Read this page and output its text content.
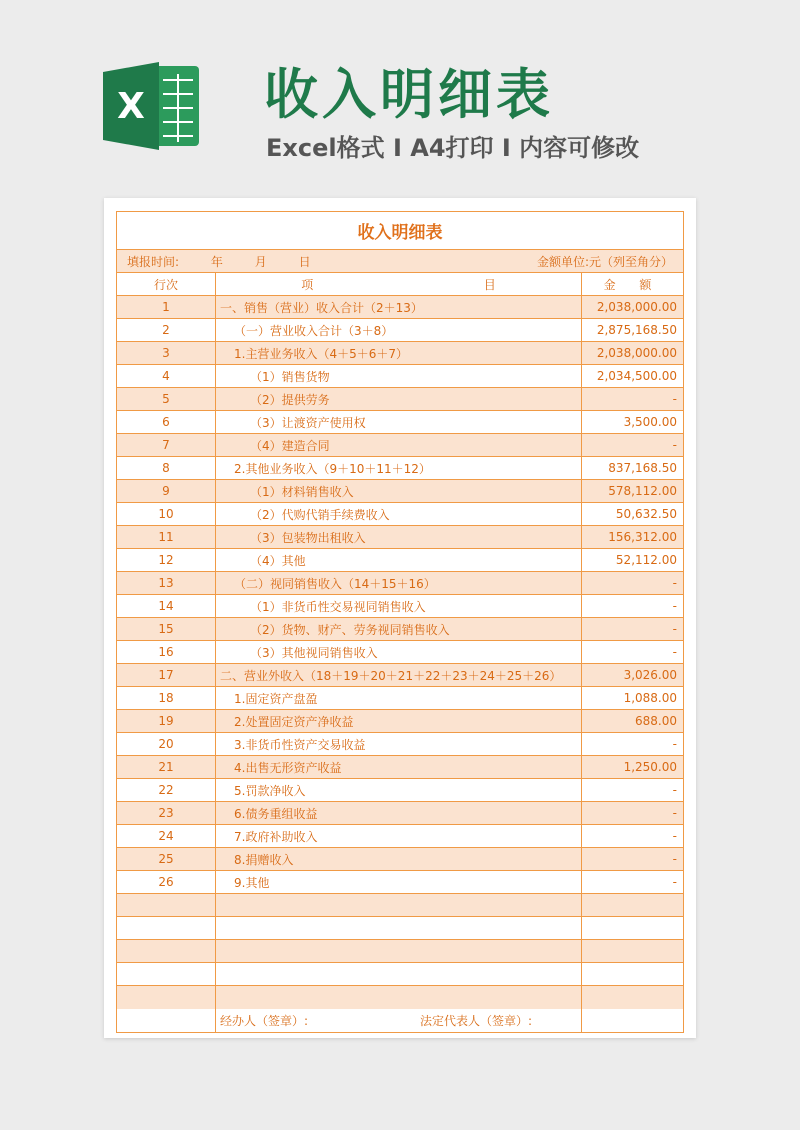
X 收入明细表
Excel格式 Ⅰ A4打印 Ⅰ 内容可修改
收入明细表
填报时间:	年	月	日	金额单位:元（列至角分）
行次	项	目	金 额
1	一、销售（营业）收入合计（2＋13）	2,038,000.00
2	（一）营业收入合计（3＋8）	2,875,168.50
3	1.主营业务收入（4＋5＋6＋7）	2,038,000.00
4	（1）销售货物	2,034,500.00
5	（2）提供劳务	-
6	（3）让渡资产使用权	3,500.00
7	（4）建造合同	-
8	2.其他业务收入（9＋10＋11＋12）	837,168.50
9	（1）材料销售收入	578,112.00
10	（2）代购代销手续费收入	50,632.50
11	（3）包装物出租收入	156,312.00
12	（4）其他	52,112.00
13	（二）视同销售收入（14＋15＋16）	-
14	（1）非货币性交易视同销售收入	-
15	（2）货物、财产、劳务视同销售收入	-
16	（3）其他视同销售收入	-
17	二、营业外收入（18＋19＋20＋21＋22＋23＋24＋25＋26）	3,026.00
18	1.固定资产盘盈	1,088.00
19	2.处置固定资产净收益	688.00
20	3.非货币性资产交易收益	-
21	4.出售无形资产收益	1,250.00
22	5.罚款净收入	-
23	6.债务重组收益	-
24	7.政府补助收入	-
25	8.捐赠收入	-
26	9.其他	-
经办人（签章）:	法定代表人（签章）:
